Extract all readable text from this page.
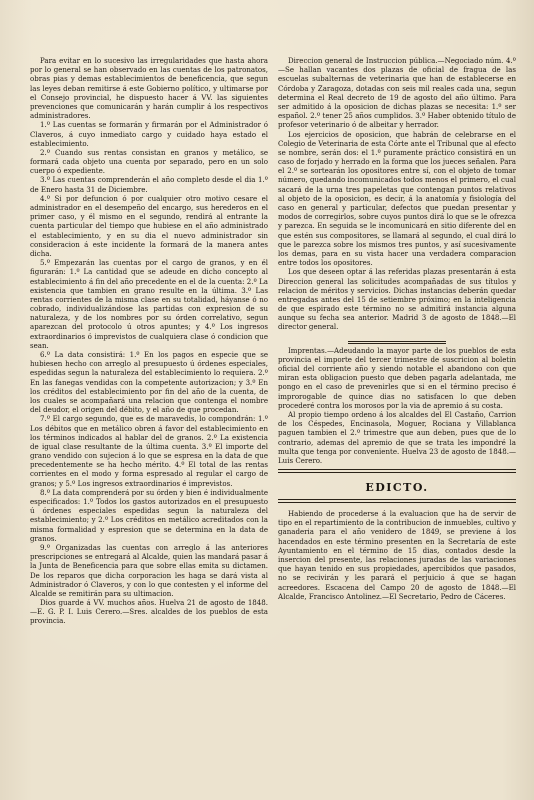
Para evitar en lo sucesivo las irregularidades que hasta ahora por lo general se han observado en las cuentas de los patronatos, obras pias y demas establecimientos de beneficencia, que segun las leyes deban remitirse á este Gobierno político, y ultimarse por el Consejo provincial, he dispuesto hacer á VV. las siguientes prevenciones que comunicarán y harán cumplir á los respectivos administradores.

1.º Las cuentas se formarán y firmarán por el Administrador ó Claveros, á cuyo inmediato cargo y cuidado haya estado el establecimiento.

2.º Cuando sus rentas consistan en granos y metálico, se formará cada objeto una cuenta por separado, pero en un solo cuerpo ó expediente.

3.º Las cuentas comprenderán el año completo desde el dia 1.º de Enero hasta 31 de Diciembre.

4.º Si por defuncion ó por cualquier otro motivo cesare el administrador en el desempeño del encargo, sus herederos en el primer caso, y él mismo en el segundo, rendirá al entrante la cuenta particular del tiempo que hubiese en el año administrado el establecimiento, y en su dia el nuevo administrador sin consideracion á este incidente la formará de la manera antes dicha.

5.º Empezarán las cuentas por el cargo de granos, y en él figurarán: 1.º La cantidad que se adeude en dicho concepto al establecimiento á fin del año precedente en el de la cuenta: 2.º La existencia que tambien en grano resulte en la última. 3.º Las rentas corrientes de la misma clase en su totalidad, háyanse ó no cobrado, individualizándose las partidas con expresion de su naturaleza, y de los nombres por su órden correlativo, segun aparezcan del protocolo ú otros apuntes; y 4.º Los ingresos extraordinarios ó imprevistos de cualquiera clase ó condicion que sean.

6.º La data consistirá: 1.º En los pagos en especie que se hubiesen hecho con arreglo al presupuesto ú órdenes especiales, espedidas segun la naturaleza del establecimiento lo requiera. 2.º En las fanegas vendidas con la competente autorizacion; y 3.º En los créditos del establecimiento por fin del año de la cuenta, de los cuales se acompañará una relacion que contenga el nombre del deudor, el origen del débito, y el año de que procedan.

7.º El cargo segundo, que es de maravedis, lo compondrán: 1.º Los débitos que en metálico obren á favor del establecimiento en los términos indicados al hablar del de granos. 2.º La existencia de igual clase resultante de la última cuenta. 3.º El importe del grano vendido con sujecion á lo que se espresa en la data de que precedentemente se ha hecho mérito. 4.º El total de las rentas corrientes en el modo y forma espresado al regular el cargo de granos; y 5.º Los ingresos extraordinarios é imprevistos.

8.º La data comprenderá por su órden y bien é individualmente especificados: 1.º Todos los gastos autorizados en el presupuesto ú órdenes especiales espedidas segun la naturaleza del establecimiento; y 2.º Los créditos en metálico acreditados con la misma formalidad y espresion que se determina en la data de granos.

9.º Organizadas las cuentas con arreglo á las anteriores prescripciones se entregará al Alcalde, quien las mandará pasar á la Junta de Beneficencia para que sobre ellas emita su dictamen. De los reparos que dicha corporacion les haga se dará vista al Administrador ó Claveros, y con lo que contesten y el informe del Alcalde se remitirán para su ultimacion.

Dios guarde á VV. muchos años. Huelva 21 de agosto de 1848.—E. G. P. I. Luis Cerero.—Sres. alcaldes de los pueblos de esta provincia.

Direccion general de Instruccion pública.—Negociado núm. 4.º—Se hallan vacantes dos plazas de oficial de fragua de las escuelas subalternas de veterinaria que han de establecerse en Córdoba y Zaragoza, dotadas con seis mil reales cada una, segun determina el Real decreto de 19 de agosto del año último. Para ser admitido á la oposicion de dichas plazas se necesita: 1.º ser español. 2.º tener 25 años cumplidos. 3.º Haber obtenido título de profesor veterinario ó de albeitar y herrador.

Los ejercicios de oposicion, que habrán de celebrarse en el Colegio de Veterinaria de esta Córte ante el Tribunal que al efecto se nombre, serán dos: el 1.º puramente práctico consistirá en un caso de forjado y herrado en la forma que los jueces señalen. Para el 2.º se sortearán los opositores entre sí, con el objeto de tomar número, quedando incomunicados todos menos el primero, el cual sacará de la urna tres papeletas que contengan puntos relativos al objeto de la oposicion, es decir, á la anatomía y fisiología del caso en general y particular, defectos que puedan presentar y modos de corregirlos, sobre cuyos puntos dirá lo que se le ofrezca y parezca. En seguida se le incomunicará en sitio diferente del en que estén sus compositores, se llamará al segundo, el cual dirá lo que le parezca sobre los mismos tres puntos, y así sucesivamente los demas, para en su vista hacer una verdadera comparacion entre todos los opositores.

Los que deseen optar á las referidas plazas presentarán á esta Direccion general las solicitudes acompañadas de sus títulos y relacion de méritos y servicios. Dichas instancias deberán quedar entregadas antes del 15 de setiembre próximo; en la inteligencia de que espirado este término no se admitirá instancia alguna aunque su fecha sea anterior. Madrid 3 de agosto de 1848.—El director general.

Imprentas.—Adeudando la mayor parte de los pueblos de esta provincia el importe del tercer trimestre de suscricion al boletin oficial del corriente año y siendo notable el abandono con que miran esta obligacion puesto que deben pagarla adelantada, me pongo en el caso de prevenirles que si en el término preciso é improrogable de quince dias no satisfacen lo que deben procederé contra los morosos por la via de apremio á su costa.

Al propio tiempo ordeno á los alcaldes del El Castaño, Carrion de los Céspedes, Encinasola, Moguer, Rociana y Villablanca paguen tambien el 2.º trimestre que aun deben, pues que de lo contrario, ademas del apremio de que se trata les impondré la multa que tenga por conveniente. Huelva 23 de agosto de 1848.—Luis Cerero.

EDICTO.

Habiendo de procederse á la evaluacion que ha de servir de tipo en el repartimiento de la contribucion de inmuebles, cultivo y ganaderia para el año venidero de 1849, se previene á los hacendados en este término presenten en la Secretaría de este Ayuntamiento en el término de 15 dias, contados desde la insercion del presente, las relaciones juradas de las variaciones que hayan tenido en sus propiedades, apercibidos que pasados, no se recivirán y les parará el perjuicio á que se hagan acreedores. Escacena del Campo 20 de agosto de 1848.—El Alcalde, Francisco Antolinez.—El Secretario, Pedro de Cáceres.
